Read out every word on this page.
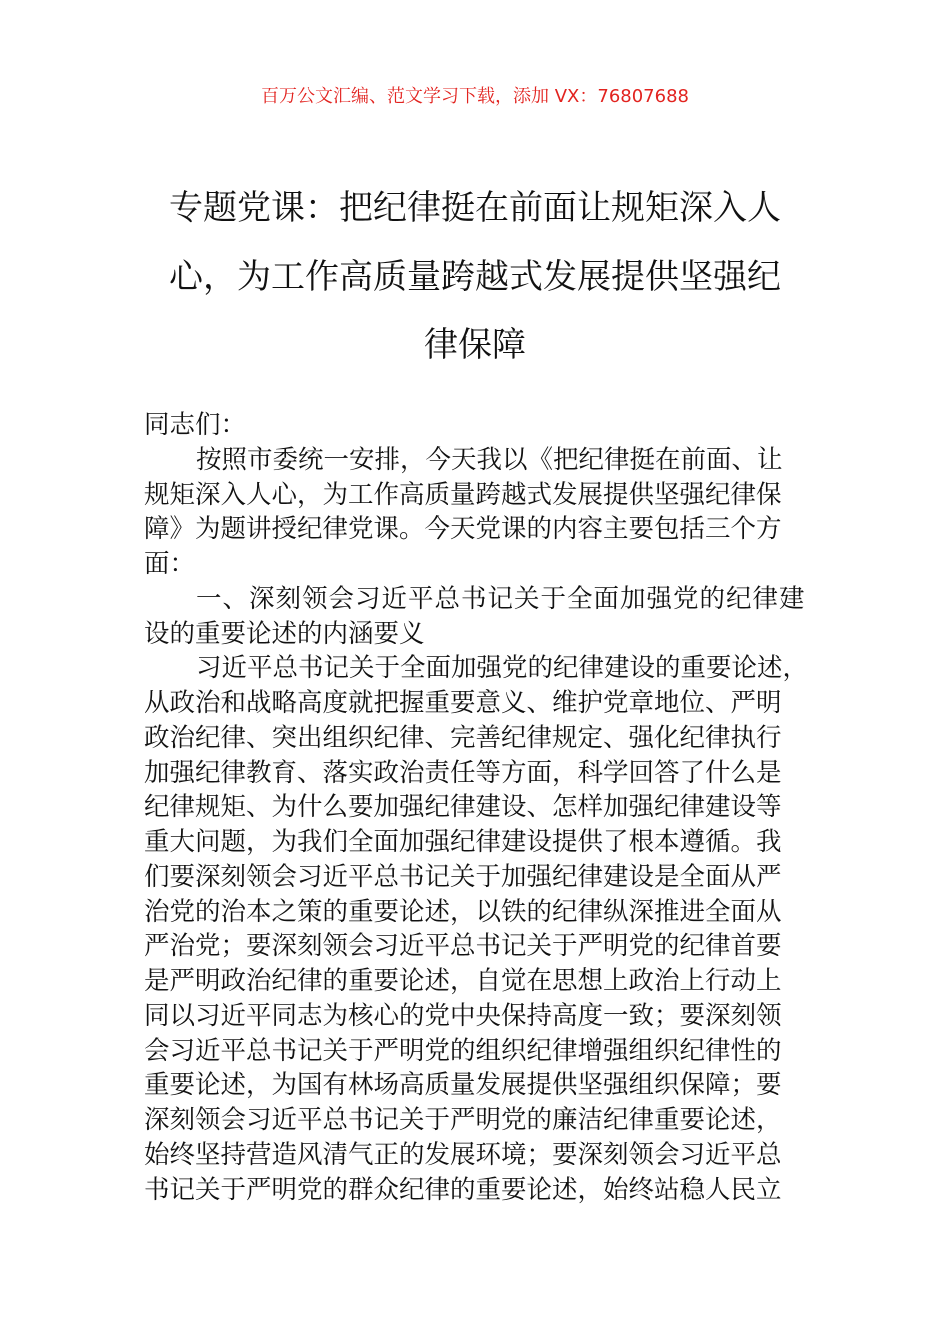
百万公文汇编、范文学习下载，添加 VX：76807688
专题党课：把纪律挺在前面让规矩深入人
心，为工作高质量跨越式发展提供坚强纪
律保障
同志们：
按照市委统一安排，今天我以《把纪律挺在前面、让
规矩深入人心，为工作高质量跨越式发展提供坚强纪律保
障》为题讲授纪律党课。今天党课的内容主要包括三个方
面：
一、深刻领会习近平总书记关于全面加强党的纪律建
设的重要论述的内涵要义
习近平总书记关于全面加强党的纪律建设的重要论述，
从政治和战略高度就把握重要意义、维护党章地位、严明
政治纪律、突出组织纪律、完善纪律规定、强化纪律执行
加强纪律教育、落实政治责任等方面，科学回答了什么是
纪律规矩、为什么要加强纪律建设、怎样加强纪律建设等
重大问题，为我们全面加强纪律建设提供了根本遵循。我
们要深刻领会习近平总书记关于加强纪律建设是全面从严
治党的治本之策的重要论述，以铁的纪律纵深推进全面从
严治党；要深刻领会习近平总书记关于严明党的纪律首要
是严明政治纪律的重要论述，自觉在思想上政治上行动上
同以习近平同志为核心的党中央保持高度一致；要深刻领
会习近平总书记关于严明党的组织纪律增强组织纪律性的
重要论述，为国有林场高质量发展提供坚强组织保障；要
深刻领会习近平总书记关于严明党的廉洁纪律重要论述，
始终坚持营造风清气正的发展环境；要深刻领会习近平总
书记关于严明党的群众纪律的重要论述，始终站稳人民立
